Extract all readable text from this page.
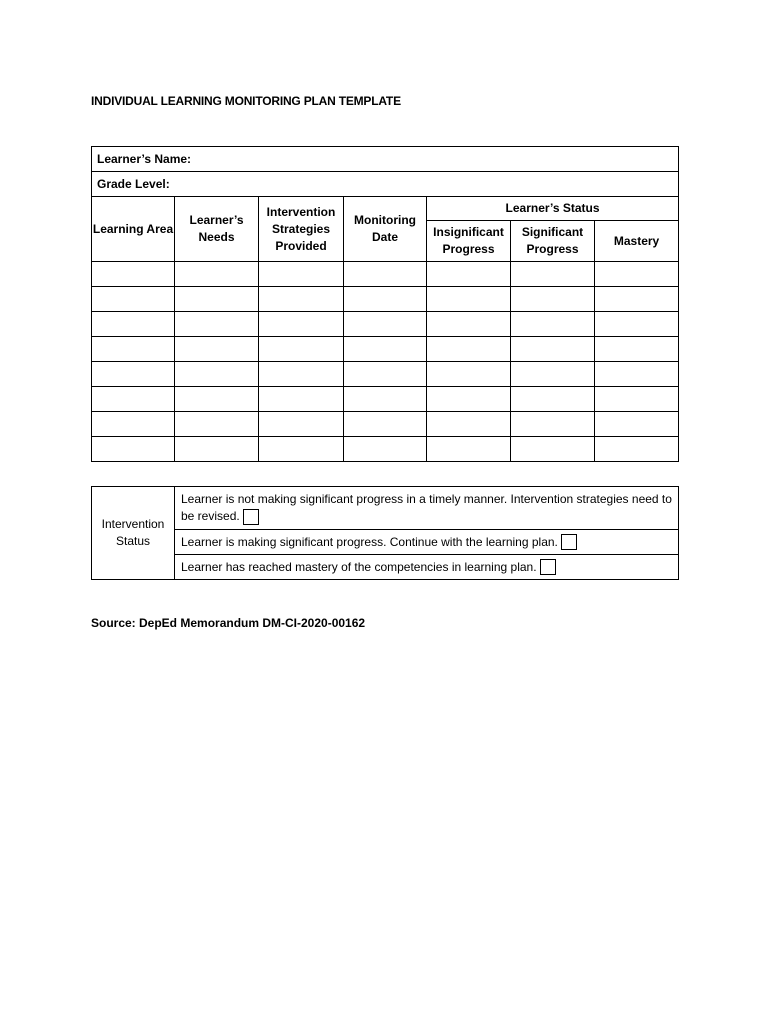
INDIVIDUAL LEARNING MONITORING PLAN TEMPLATE
Learner’s Name:						
Grade Level:						
Learning Area	Learner’s Needs	Intervention Strategies Provided	Monitoring Date	Learner’s Status		
				Insignificant Progress	Significant Progress	Mastery

Intervention Status	Learner is not making significant progress in a timely manner. Intervention strategies need to be revised.
Learner is making significant progress. Continue with the learning plan.
Learner has reached mastery of the competencies in learning plan.
Source: DepEd Memorandum DM-CI-2020-00162
